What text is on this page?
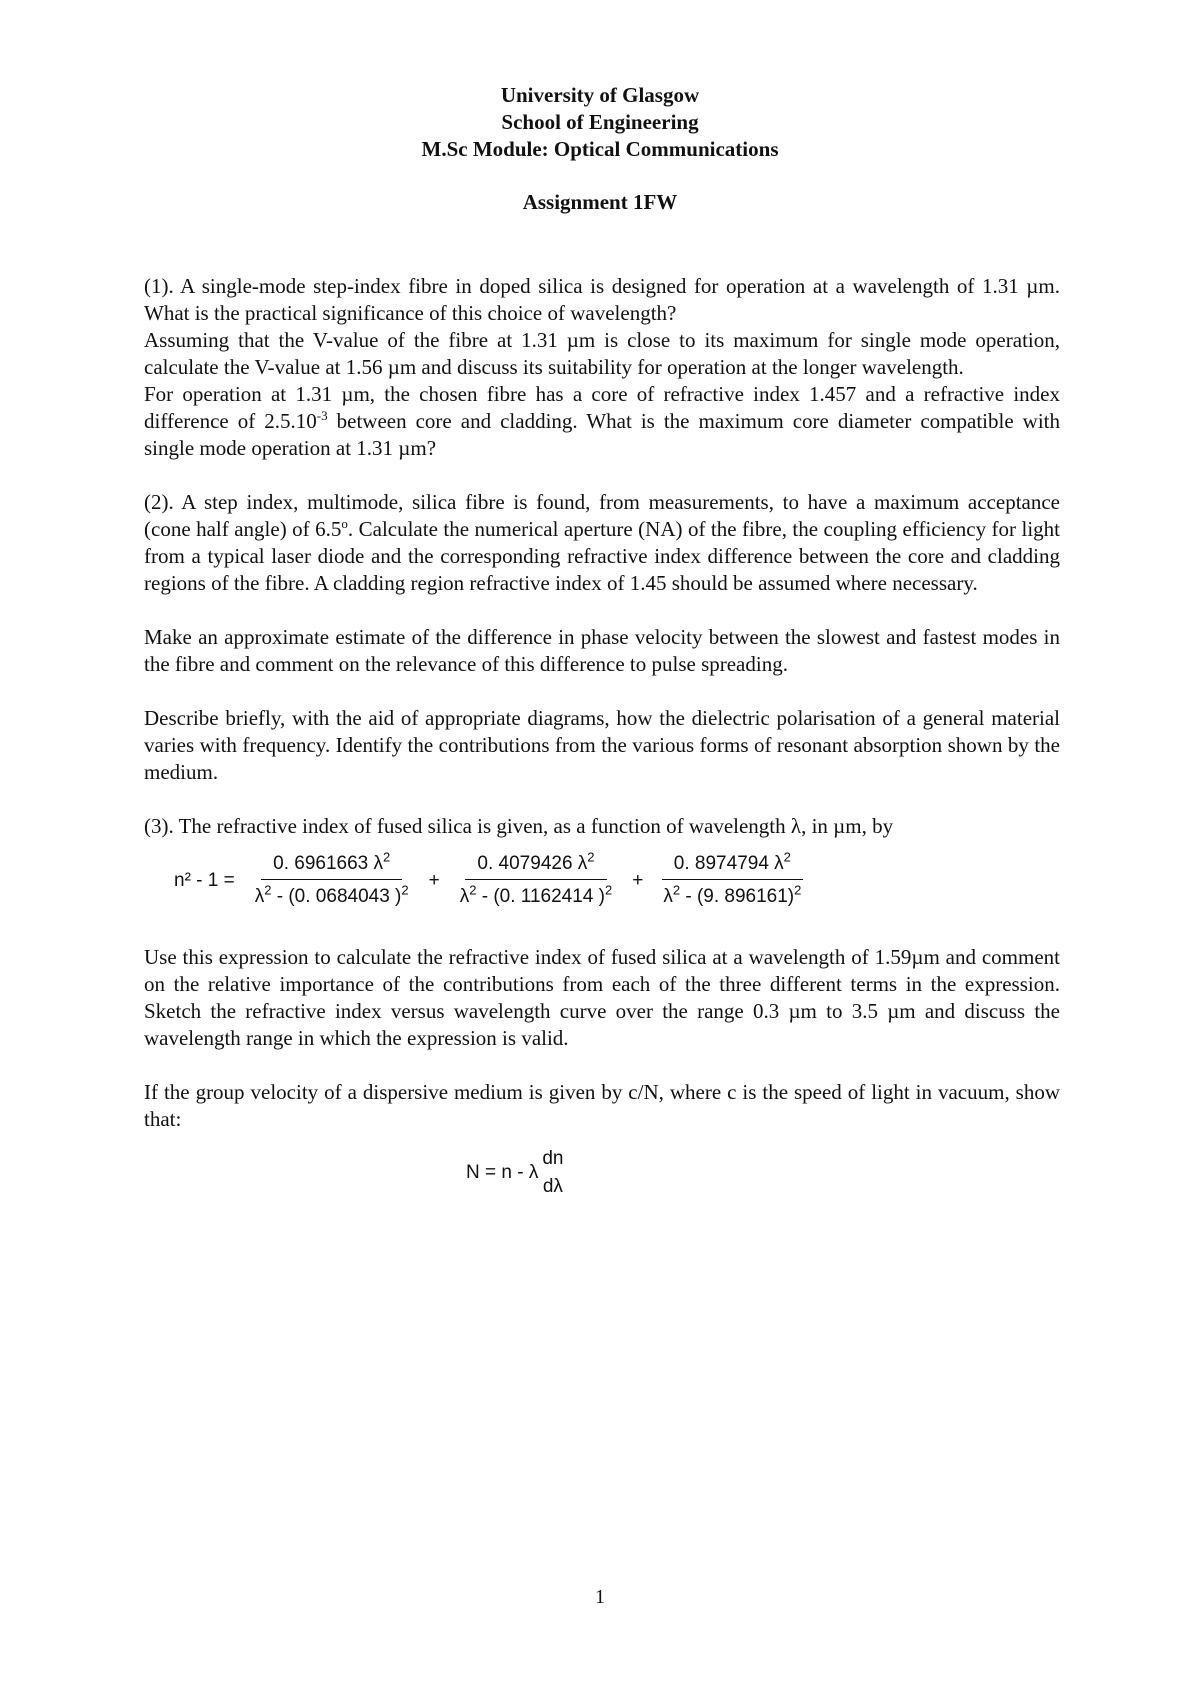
University of Glasgow
School of Engineering
M.Sc Module: Optical Communications
Assignment 1FW

(1). A single-mode step-index fibre in doped silica is designed for operation at a wavelength of 1.31 µm. What is the practical significance of this choice of wavelength?

Assuming that the V-value of the fibre at 1.31 µm is close to its maximum for single mode operation, calculate the V-value at 1.56 µm and discuss its suitability for operation at the longer wavelength.

For operation at 1.31 µm, the chosen fibre has a core of refractive index 1.457 and a refractive index difference of $2.5.10^{-3}$ between core and cladding. What is the maximum core diameter compatible with single mode operation at 1.31 µm?

(2). A step index, multimode, silica fibre is found, from measurements, to have a maximum acceptance (cone half angle) of 6.5$^o$. Calculate the numerical aperture (NA) of the fibre, the coupling efficiency for light from a typical laser diode and the corresponding refractive index difference between the core and cladding regions of the fibre. A cladding region refractive index of 1.45 should be assumed where necessary.

Make an approximate estimate of the difference in phase velocity between the slowest and fastest modes in the fibre and comment on the relevance of this difference to pulse spreading.

Describe briefly, with the aid of appropriate diagrams, how the dielectric polarisation of a general material varies with frequency. Identify the contributions from the various forms of resonant absorption shown by the medium.

(3). The refractive index of fused silica is given, as a function of wavelength λ, in µm, by

$n^2 - 1 = \frac{0. 6961663 \lambda^2}{\lambda^2 - (0. 0684043 )^2} + \frac{0. 4079426 \lambda^2}{\lambda^2 - (0. 1162414 )^2} + \frac{0. 8974794 \lambda^2}{\lambda^2 - (9. 896161)^2}$

Use this expression to calculate the refractive index of fused silica at a wavelength of 1.59µm and comment on the relative importance of the contributions from each of the three different terms in the expression. Sketch the refractive index versus wavelength curve over the range 0.3 µm to 3.5 µm and discuss the wavelength range in which the expression is valid.

If the group velocity of a dispersive medium is given by c/N, where c is the speed of light in vacuum, show that:

N = n - λ
dn
dλ
1
